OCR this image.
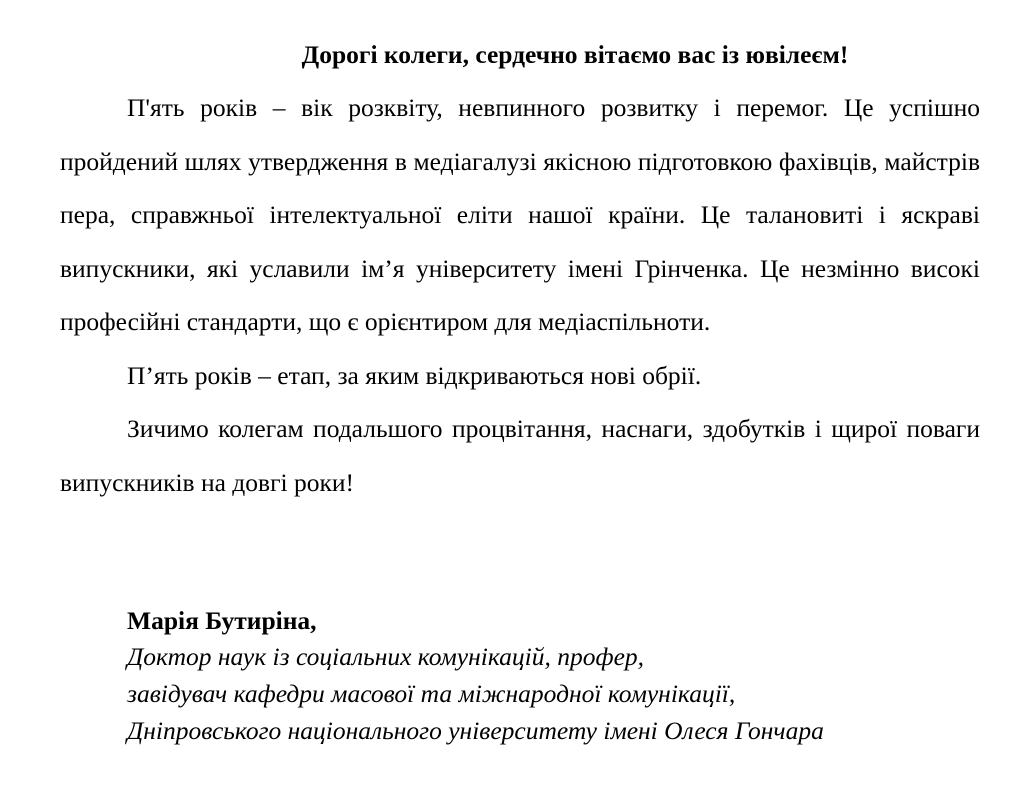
Дорогі колеги, сердечно вітаємо вас із ювілеєм!

П'ять років – вік розквіту, невпинного розвитку і перемог. Це успішно пройдений шлях утвердження в медіагалузі якісною підготовкою фахівців, майстрів пера, справжньої інтелектуальної еліти нашої країни. Це талановиті і яскраві випускники, які уславили ім’я університету імені Грінченка. Це незмінно високі професійні стандарти, що є орієнтиром для медіаспільноти.

П’ять років – етап, за яким відкриваються нові обрії.

Зичимо колегам подальшого процвітання, наснаги, здобутків і щирої поваги випускників на довгі роки!

Марія Бутиріна,

Доктор наук із соціальних комунікацій, профер,

завідувач кафедри масової та міжнародної комунікації,

Дніпровського національного університету імені Олеся Гончара
